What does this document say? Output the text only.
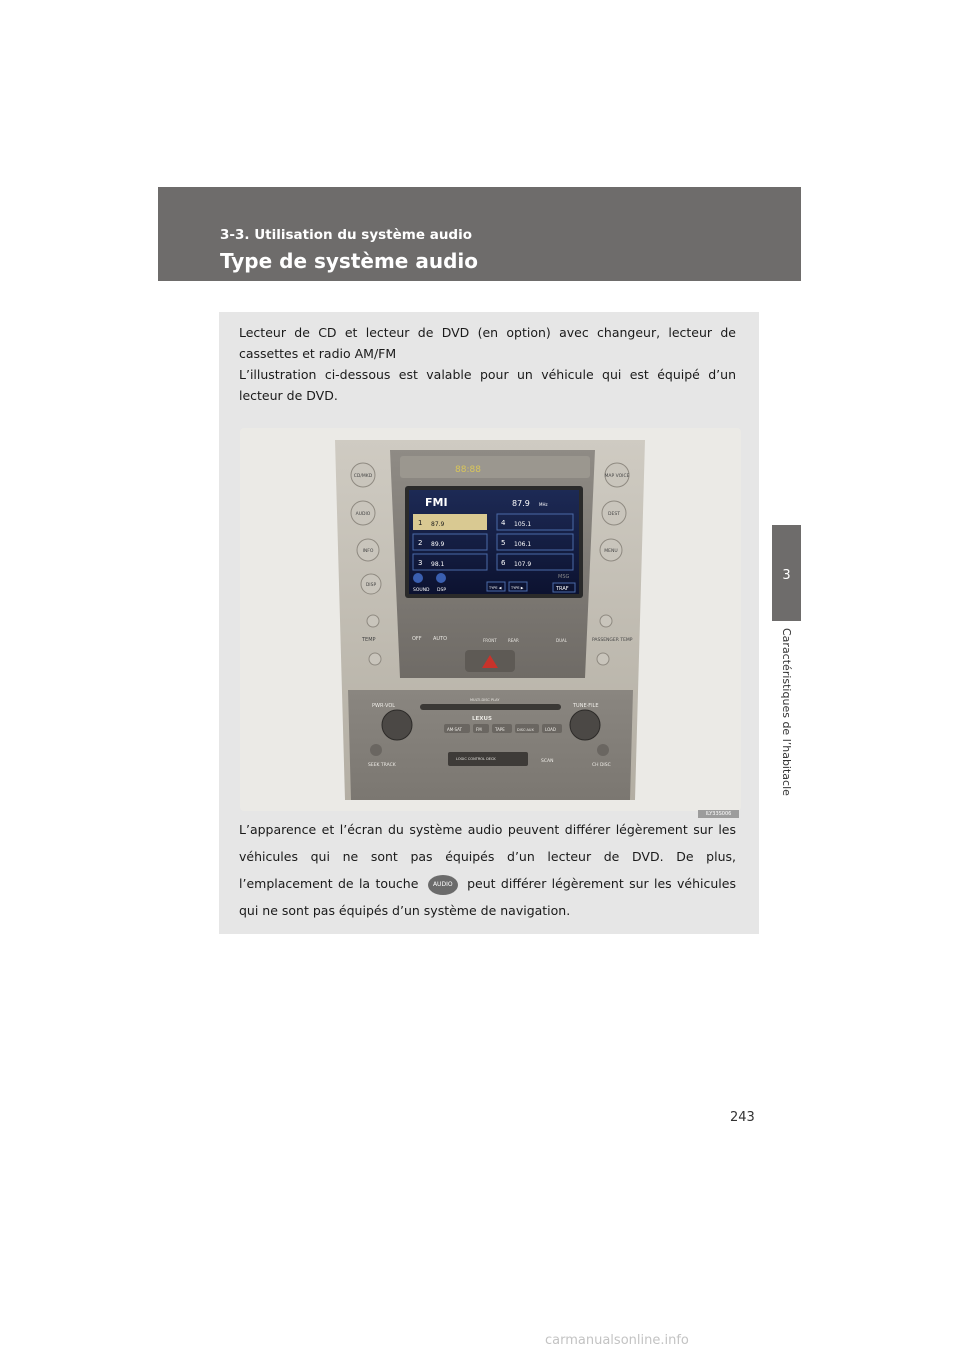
3-3. Utilisation du système audio
Type de système audio
3
Caractéristiques de l’habitacle
Lecteur de CD et lecteur de DVD (en option) avec changeur, lecteur de cassettes et radio AM/FM
L’illustration ci-dessous est valable pour un véhicule qui est équipé d’un lecteur de DVD.
88:88
CD/MKD
AUDIO
INFO
DISP
MAP VOICE
DEST
MENU
FMI	87.9 MHz
1 87.9
2 89.9
3 98.1
4 105.1
5 106.1
6 107.9
SOUND DSP	TYPE ◀	TYPE ▶
MSG
TRAF
TEMP	PASSENGER TEMP
OFF AUTO	FRONT	REAR	DUAL
MULTI-DISC PLAY
LEXUS
PWR·VOL	TUNE·FILE
AM·SAT	FM	TAPE	DISC·AUX	LOAD
LOGIC CONTROL DECK	SCAN
SEEK TRACK	CH DISC
ILY33S006
L’apparence et l’écran du système audio peuvent différer légèrement sur les véhicules qui ne sont pas équipés d’un lecteur de DVD. De plus, l’emplacement de la touche AUDIO peut différer légèrement sur les véhicules qui ne sont pas équipés d’un système de navigation.
243
carmanualsonline.info
